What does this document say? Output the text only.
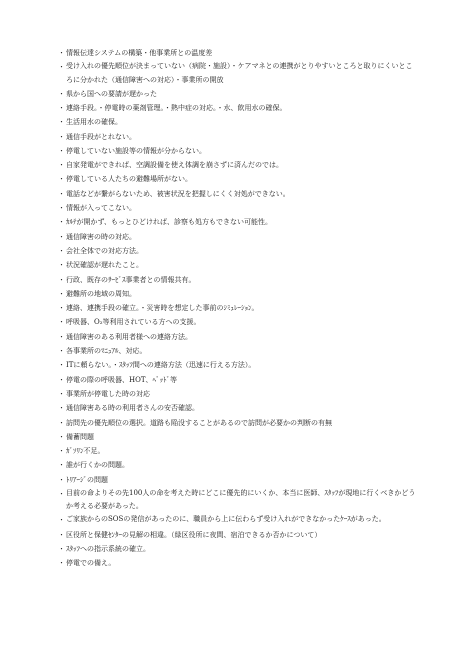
・ 情報伝達システムの構築・他事業所との温度差
・ 受け入れの優先順位が決まっていない（病院・施設）・ケアマネとの連携がとりやすいところと取りにくいところに分かれた（通信障害への対応）・事業所の開放
・ 県から国への要請が遅かった
・ 連絡手段。・停電時の薬剤管理。・熱中症の対応。・水、飲用水の確保。
・ 生活用水の確保。
・ 通信手段がとれない。
・ 停電していない施設等の情報が分からない。
・ 自家発電ができれば、空調設備を使え体調を崩さずに済んだのでは。
・ 停電している人たちの避難場所がない。
・ 電話などが繋がらないため、被害状況を把握しにくく対処ができない。
・ 情報が入ってこない。
・ ｶﾙﾃが開かず、もっとひどければ、診察も処方もできない可能性。
・ 通信障害の時の対応。
・ 会社全体での対応方法。
・ 状況確認が遅れたこと。
・ 行政、既存のｻｰﾋﾞｽ事業者との情報共有。
・ 避難所の地域の周知。
・ 連絡、連携手段の確立。・災害時を想定した事前のｼﾐｭﾚｰｼｮﾝ。
・ 呼吸器、O₂等利用されている方への支援。
・ 通信障害のある利用者様への連絡方法。
・ 各事業所のﾏﾆｭｱﾙ、対応。
・ ITに頼らない。・ｽﾀｯﾌ間への連絡方法（迅速に行える方法）。
・ 停電の際の呼吸器、HOT、ﾍﾞｯﾄﾞ等
・ 事業所が停電した時の対応
・ 通信障害ある時の利用者さんの安否確認。
・ 訪問先の優先順位の選択。道路も陥没することがあるので訪問が必要かの判断の有無
・ 備蓄問題
・ ｶﾞｿﾘﾝ不足。
・ 誰が行くかの問題。
・ ﾄﾘｱｰｼﾞの問題
・ 目前の命よりその先100人の命を考えた時にどこに優先的にいくか、本当に医師、ｽﾀｯﾌが現地に行くべきかどうか考える必要があった。
・ ご家族からのSOSの発信があったのに、職員から上に伝わらず受け入れができなかったｹｰｽがあった。
・ 区役所と保健ｾﾝﾀｰの見解の相違。（緑区役所に夜間、宿泊できるか否かについて）
・ ｽﾀｯﾌへの指示系統の確立。
・ 停電での備え。
